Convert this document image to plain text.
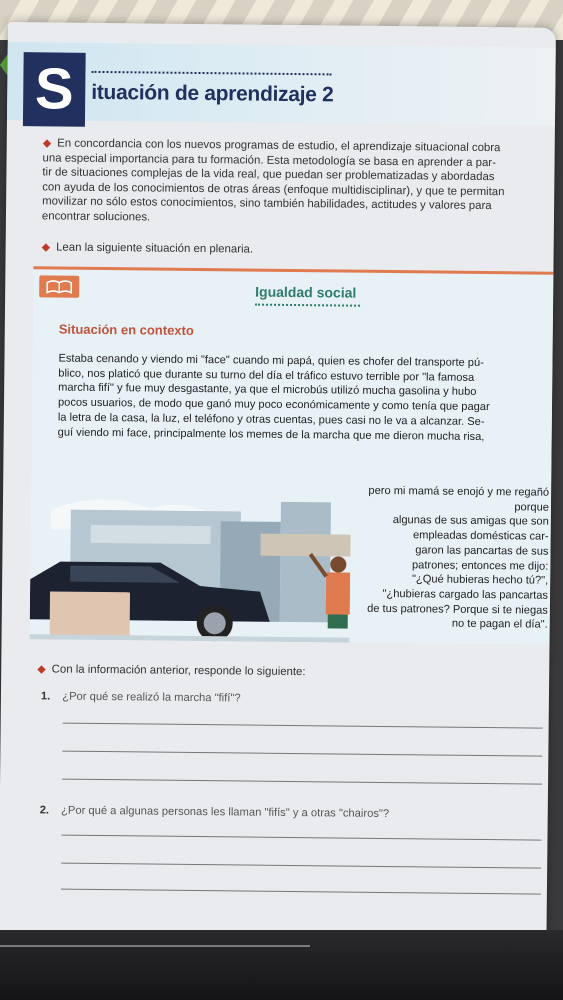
S ituación de aprendizaje 2

◆ En concordancia con los nuevos programas de estudio, el aprendizaje situacional cobra

una especial importancia para tu formación. Esta metodología se basa en aprender a par-

tir de situaciones complejas de la vida real, que puedan ser problematizadas y abordadas

con ayuda de los conocimientos de otras áreas (enfoque multidisciplinar), y que te permitan

movilizar no sólo estos conocimientos, sino también habilidades, actitudes y valores para

encontrar soluciones.

◆ Lean la siguiente situación en plenaria.
Igualdad social
Situación en contexto
Estaba cenando y viendo mi "face" cuando mi papá, quien es chofer del transporte pú-
blico, nos platicó que durante su turno del día el tráfico estuvo terrible por "la famosa
marcha fifí" y fue muy desgastante, ya que el microbús utilizó mucha gasolina y hubo
pocos usuarios, de modo que ganó muy poco económicamente y como tenía que pagar
la letra de la casa, la luz, el teléfono y otras cuentas, pues casi no le va a alcanzar. Se-
guí viendo mi face, principalmente los memes de la marcha que me dieron mucha risa,
pero mi mamá se enojó y me regañó porque
algunas de sus amigas que son
empleadas domésticas car-
garon las pancartas de sus
patrones; entonces me dijo:
"¿Qué hubieras hecho tú?",
"¿hubieras cargado las pancartas
de tus patrones? Porque si te niegas
no te pagan el día".
◆ Con la información anterior, responde lo siguiente:
1. ¿Por qué se realizó la marcha "fifí"?
2. ¿Por qué a algunas personas les llaman "fifís" y a otras "chairos"?
